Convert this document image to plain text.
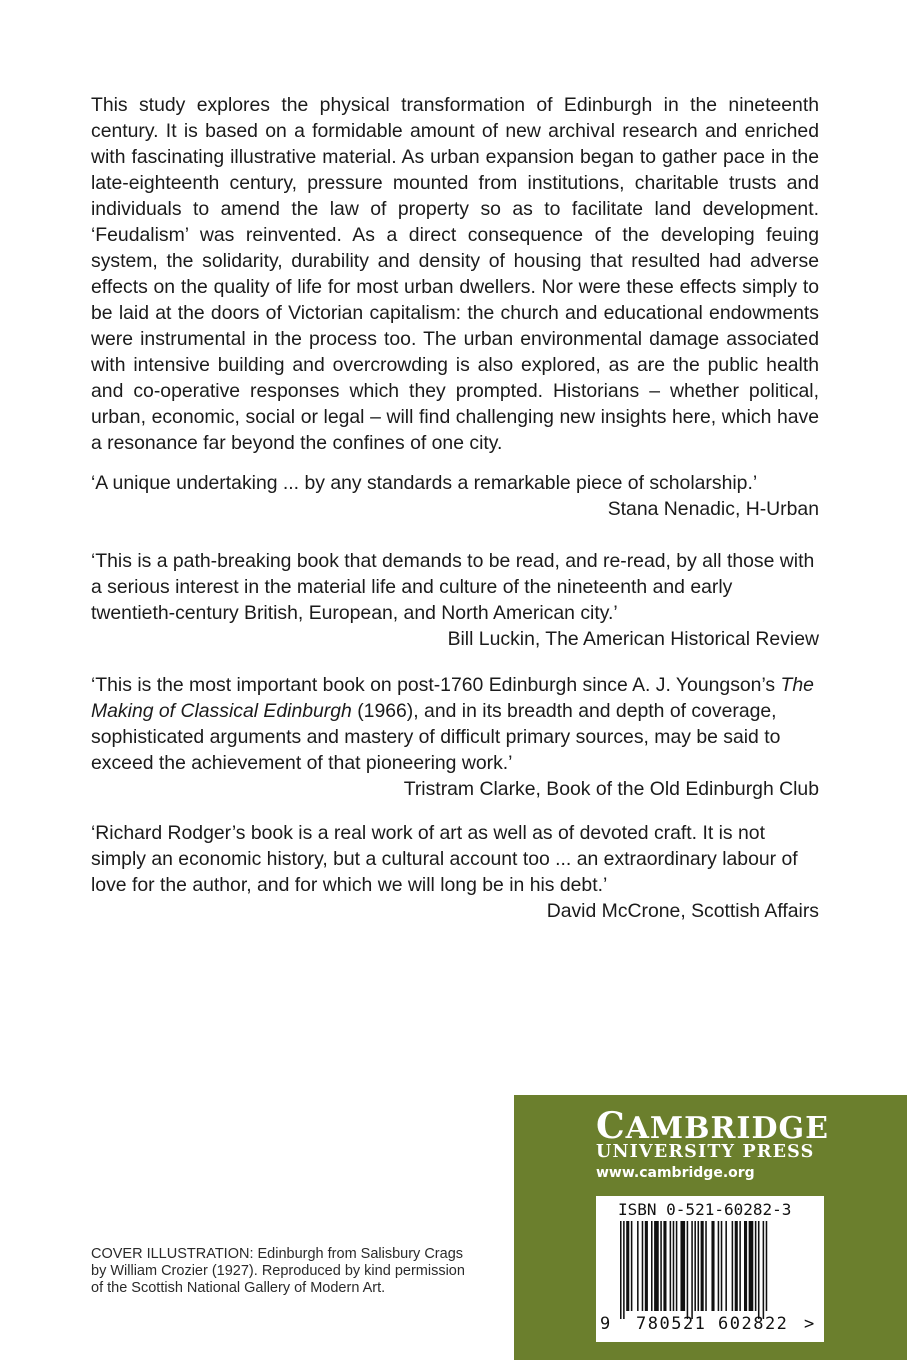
This study explores the physical transformation of Edinburgh in the nineteenth century. It is based on a formidable amount of new archival research and enriched with fascinating illustrative material. As urban expansion began to gather pace in the late-eighteenth century, pressure mounted from institutions, charitable trusts and individuals to amend the law of property so as to facilitate land development. ‘Feudalism’ was reinvented. As a direct consequence of the developing feuing system, the solidarity, durability and density of housing that resulted had adverse effects on the quality of life for most urban dwellers. Nor were these effects simply to be laid at the doors of Victorian capitalism: the church and educational endowments were instrumental in the process too. The urban environmental damage associated with intensive building and overcrowding is also explored, as are the public health and co-operative responses which they prompted. Historians – whether political, urban, economic, social or legal – will find challenging new insights here, which have a resonance far beyond the confines of one city.

‘A unique undertaking ... by any standards a remarkable piece of scholarship.’

Stana Nenadic, H-Urban

‘This is a path-breaking book that demands to be read, and re-read, by all those with a serious interest in the material life and culture of the nineteenth and early twentieth-century British, European, and North American city.’

Bill Luckin, The American Historical Review

‘This is the most important book on post-1760 Edinburgh since A. J. Youngson’s The Making of Classical Edinburgh (1966), and in its breadth and depth of coverage, sophisticated arguments and mastery of difficult primary sources, may be said to exceed the achievement of that pioneering work.’

Tristram Clarke, Book of the Old Edinburgh Club

‘Richard Rodger’s book is a real work of art as well as of devoted craft. It is not simply an economic history, but a cultural account too ... an extraordinary labour of love for the author, and for which we will long be in his debt.’

David McCrone, Scottish Affairs

COVER ILLUSTRATION: Edinburgh from Salisbury Crags
by William Crozier (1927). Reproduced by kind permission
of the Scottish National Gallery of Modern Art.
CAMBRIDGE
UNIVERSITY PRESS
www.cambridge.org
ISBN 0-521-60282-3
9 780521 602822 >
